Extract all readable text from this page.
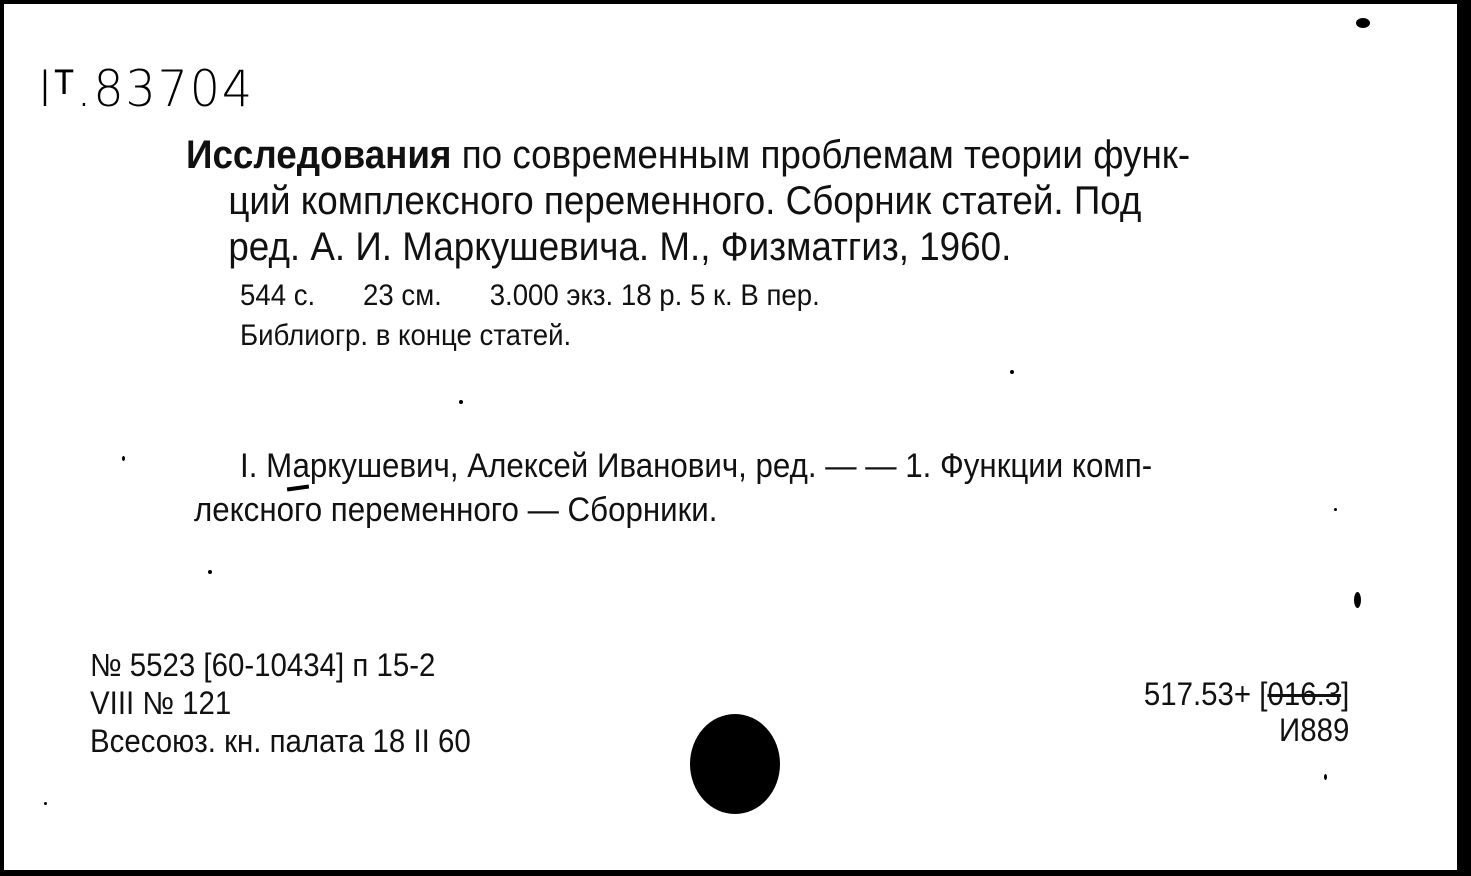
Iᵀ.83704
Исследования по современным проблемам теории функ-
ций комплексного переменного. Сборник статей. Под
ред. А. И. Маркушевича. М., Физматгиз, 1960.
544 с. 23 см. 3.000 экз. 18 р. 5 к. В пер.
Библиогр. в конце статей.
I. Маркушевич, Алексей Иванович, ред. — — 1. Функции комп-
лексного переменного — Сборники.
№ 5523 [60-10434] п 15-2
VIII № 121
Всесоюз. кн. палата 18 II 60
517.53+ [016.3]
И889
